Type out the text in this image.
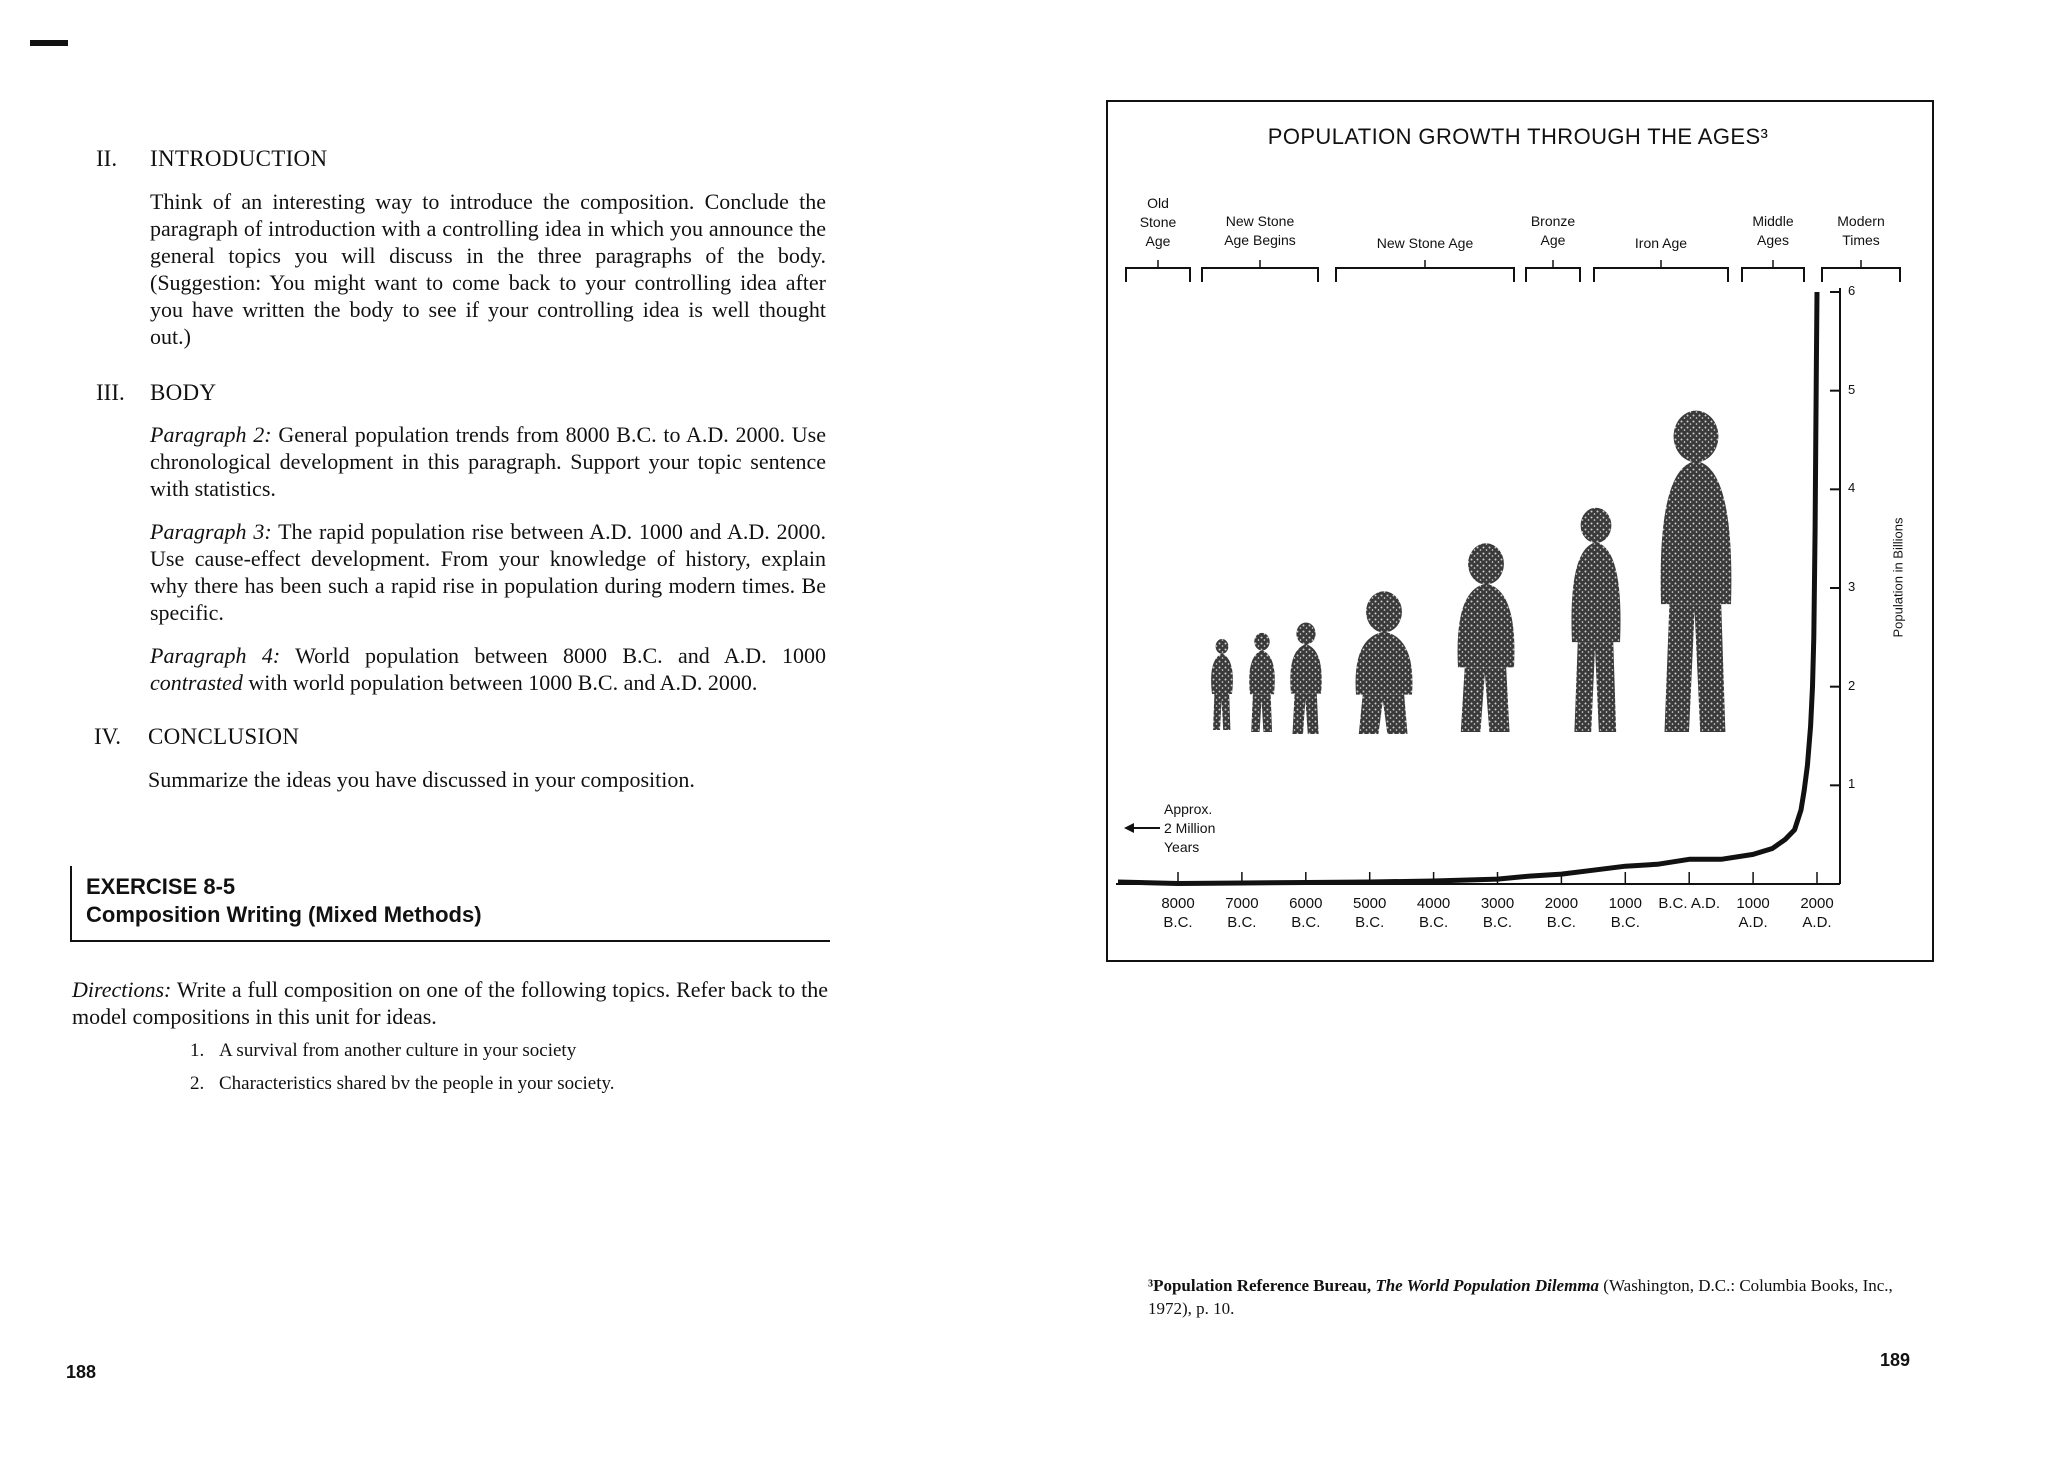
II. INTRODUCTION
Think of an interesting way to introduce the composition. Conclude the paragraph of introduction with a controlling idea in which you announce the general topics you will discuss in the three paragraphs of the body. (Suggestion: You might want to come back to your controlling idea after you have written the body to see if your controlling idea is well thought out.)
III. BODY
Paragraph 2: General population trends from 8000 B.C. to A.D. 2000. Use chronological development in this paragraph. Support your topic sentence with statistics.
Paragraph 3: The rapid population rise between A.D. 1000 and A.D. 2000. Use cause-effect development. From your knowledge of history, explain why there has been such a rapid rise in population during modern times. Be specific.
Paragraph 4: World population between 8000 B.C. and A.D. 1000 contrasted with world population between 1000 B.C. and A.D. 2000.
IV. CONCLUSION
Summarize the ideas you have discussed in your composition.
EXERCISE 8-5
Composition Writing (Mixed Methods)
Directions: Write a full composition on one of the following topics. Refer back to the model compositions in this unit for ideas.
1. A survival from another culture in your society
2. Characteristics shared bv the people in your society.
188
POPULATION GROWTH THROUGH THE AGES³
Old
Stone
Age
New Stone
Age Begins	New Stone Age
Bronze
Age	Iron Age
Middle
Ages
Modern
Times
Population in Billions
1
2
3
4
5
6
8000
B.C.
7000
B.C.
6000
B.C.
5000
B.C.
4000
B.C.
3000
B.C.
2000
B.C.
1000
B.C.
B.C. A.D.	1000
A.D.
2000
A.D.
Approx.
2 Million
Years
³Population Reference Bureau, The World Population Dilemma (Washington, D.C.: Columbia Books, Inc., 1972), p. 10.
189
